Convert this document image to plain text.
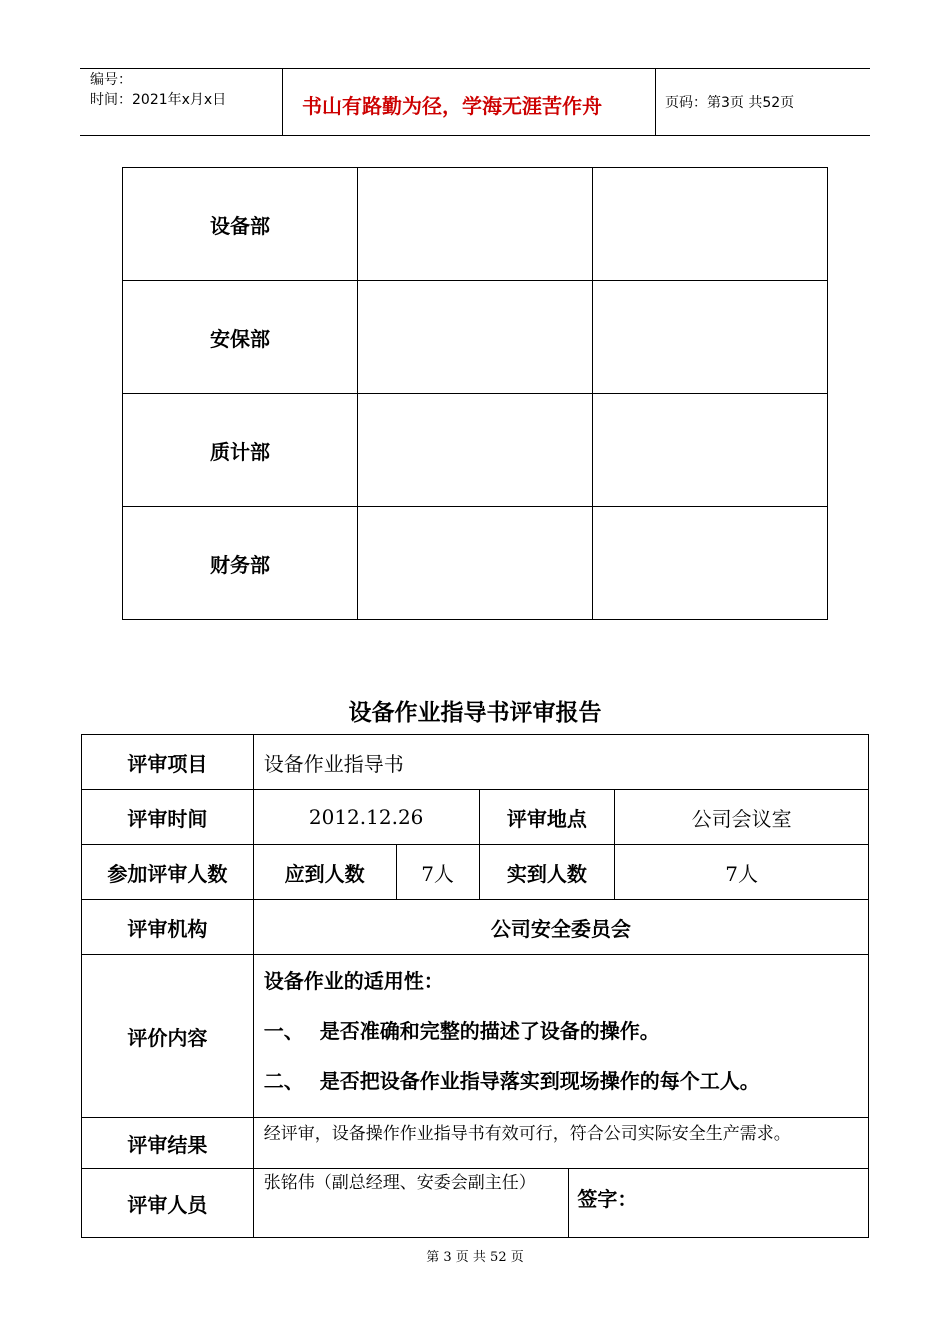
编号：
时间：2021年x月x日	书山有路勤为径，学海无涯苦作舟	页码：第3页 共52页
设备部		
安保部		
质计部		
财务部		
设备作业指导书评审报告
评审项目	设备作业指导书				
评审时间	2012.12.26		评审地点		公司会议室
参加评审人数	应到人数	7人	实到人数		7人
评审机构	公司安全委员会				
评价内容	设备作业的适用性：

一、 是否准确和完整的描述了设备的操作。

二、 是否把设备作业指导落实到现场操作的每个工人。				

评审结果	经评审，设备操作作业指导书有效可行，符合公司实际安全生产需求。				
评审人员	张铭伟（副总经理、安委会副主任）			签字：	
第 3 页 共 52 页
